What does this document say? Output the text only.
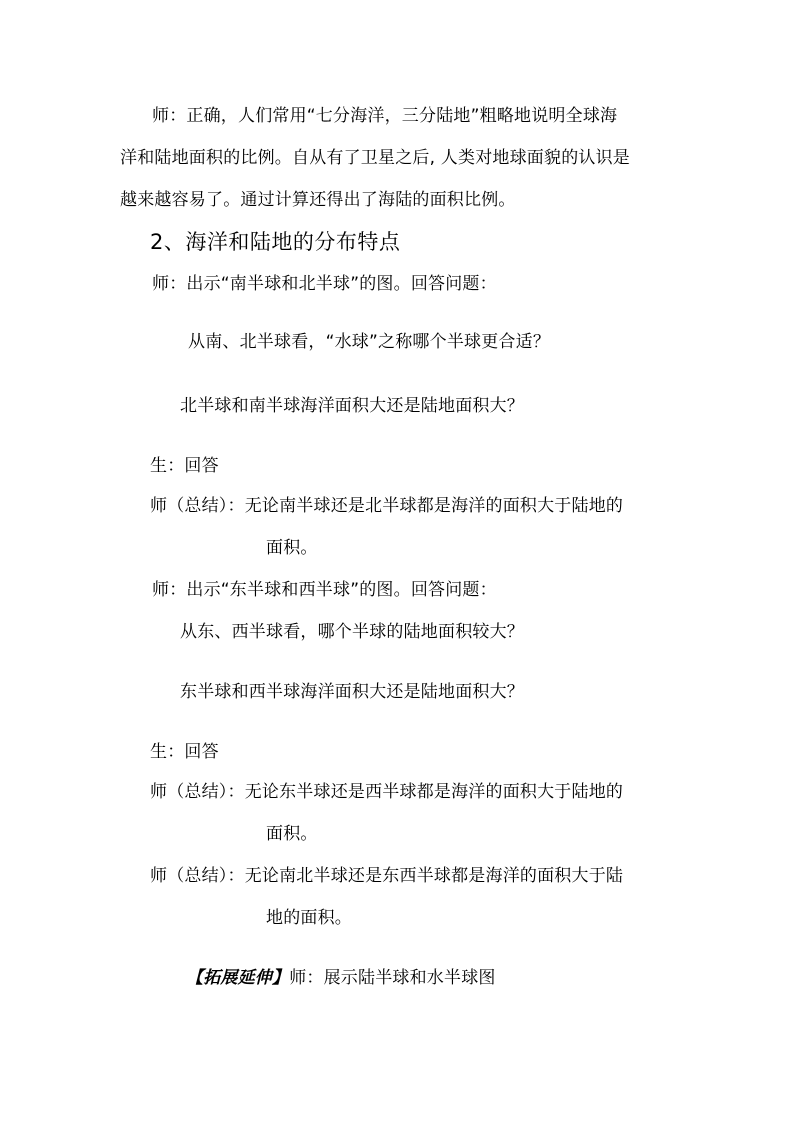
师：正确，人们常用“七分海洋，三分陆地”粗略地说明全球海
洋和陆地面积的比例。自从有了卫星之后, 人类对地球面貌的认识是
越来越容易了。通过计算还得出了海陆的面积比例。
2、海洋和陆地的分布特点
师：出示“南半球和北半球”的图。回答问题：
从南、北半球看，“水球”之称哪个半球更合适？
北半球和南半球海洋面积大还是陆地面积大？
生：回答
师（总结）：无论南半球还是北半球都是海洋的面积大于陆地的
面积。
师：出示“东半球和西半球”的图。回答问题：
从东、西半球看，哪个半球的陆地面积较大？
东半球和西半球海洋面积大还是陆地面积大？
生：回答
师（总结）：无论东半球还是西半球都是海洋的面积大于陆地的
面积。
师（总结）：无论南北半球还是东西半球都是海洋的面积大于陆
地的面积。
【拓展延伸】师：展示陆半球和水半球图
